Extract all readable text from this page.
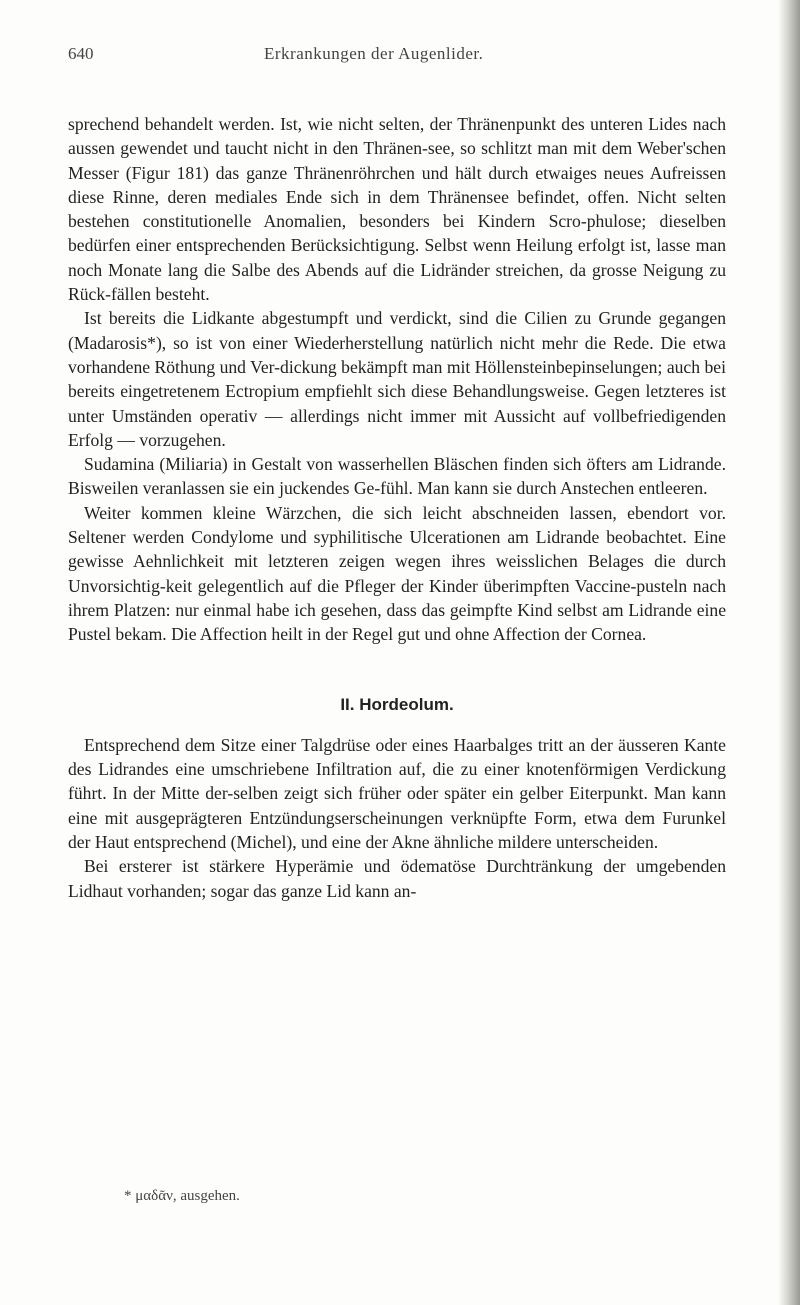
640	Erkrankungen der Augenlider.

sprechend behandelt werden. Ist, wie nicht selten, der Thränenpunkt des unteren Lides nach aussen gewendet und taucht nicht in den Thränen-see, so schlitzt man mit dem Weber'schen Messer (Figur 181) das ganze Thränenröhrchen und hält durch etwaiges neues Aufreissen diese Rinne, deren mediales Ende sich in dem Thränensee befindet, offen. Nicht selten bestehen constitutionelle Anomalien, besonders bei Kindern Scro-phulose; dieselben bedürfen einer entsprechenden Berücksichtigung. Selbst wenn Heilung erfolgt ist, lasse man noch Monate lang die Salbe des Abends auf die Lidränder streichen, da grosse Neigung zu Rück-fällen besteht.

Ist bereits die Lidkante abgestumpft und verdickt, sind die Cilien zu Grunde gegangen (Madarosis*), so ist von einer Wiederherstellung natürlich nicht mehr die Rede. Die etwa vorhandene Röthung und Ver-dickung bekämpft man mit Höllensteinbepinselungen; auch bei bereits eingetretenem Ectropium empfiehlt sich diese Behandlungsweise. Gegen letzteres ist unter Umständen operativ — allerdings nicht immer mit Aussicht auf vollbefriedigenden Erfolg — vorzugehen.

Sudamina (Miliaria) in Gestalt von wasserhellen Bläschen finden sich öfters am Lidrande. Bisweilen veranlassen sie ein juckendes Ge-fühl. Man kann sie durch Anstechen entleeren.

Weiter kommen kleine Wärzchen, die sich leicht abschneiden lassen, ebendort vor. Seltener werden Condylome und syphilitische Ulcerationen am Lidrande beobachtet. Eine gewisse Aehnlichkeit mit letzteren zeigen wegen ihres weisslichen Belages die durch Unvorsichtig-keit gelegentlich auf die Pfleger der Kinder überimpften Vaccine-pusteln nach ihrem Platzen: nur einmal habe ich gesehen, dass das geimpfte Kind selbst am Lidrande eine Pustel bekam. Die Affection heilt in der Regel gut und ohne Affection der Cornea.

II. Hordeolum.

Entsprechend dem Sitze einer Talgdrüse oder eines Haarbalges tritt an der äusseren Kante des Lidrandes eine umschriebene Infiltration auf, die zu einer knotenförmigen Verdickung führt. In der Mitte der-selben zeigt sich früher oder später ein gelber Eiterpunkt. Man kann eine mit ausgeprägteren Entzündungserscheinungen verknüpfte Form, etwa dem Furunkel der Haut entsprechend (Michel), und eine der Akne ähnliche mildere unterscheiden.

Bei ersterer ist stärkere Hyperämie und ödematöse Durchtränkung der umgebenden Lidhaut vorhanden; sogar das ganze Lid kann an-

* μαδᾶν, ausgehen.
